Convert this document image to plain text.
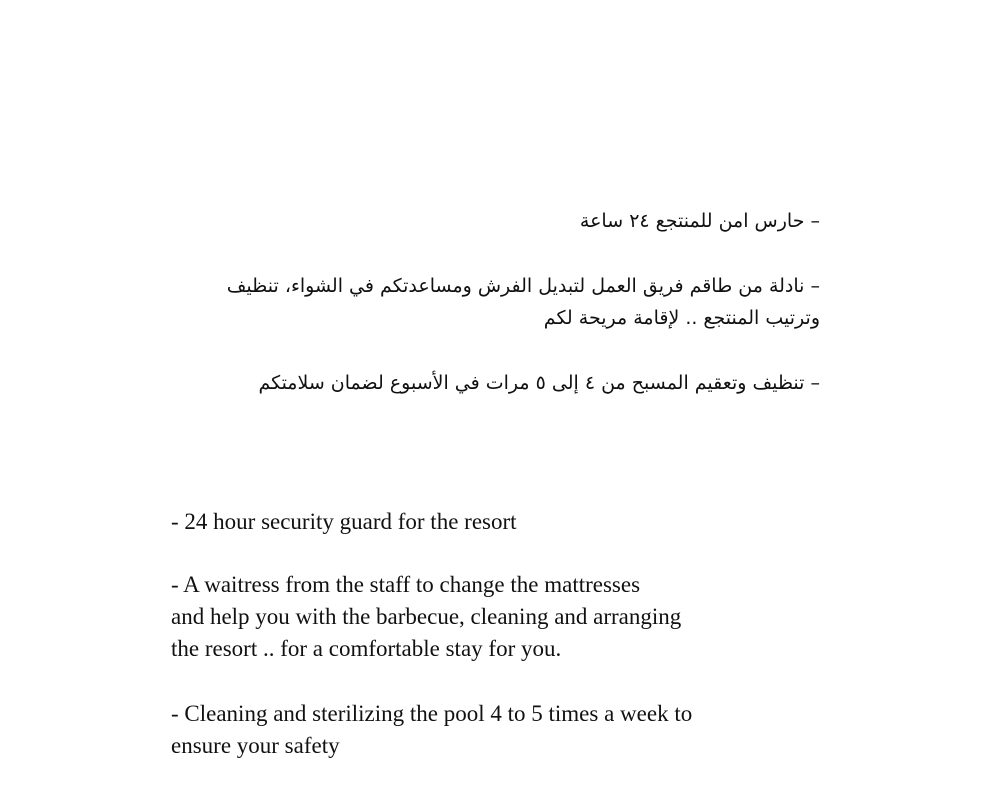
– حارس امن للمنتجع ٢٤ ساعة
– نادلة من طاقم فريق العمل لتبديل الفرش ومساعدتكم في الشواء، تنظيف وترتيب المنتجع .. لإقامة مريحة لكم
– تنظيف وتعقيم المسبح من ٤ إلى ٥ مرات في الأسبوع لضمان سلامتكم
- 24 hour security guard for the resort
- A waitress from the staff to change the mattresses
and help you with the barbecue, cleaning and arranging
the resort .. for a comfortable stay for you.
- Cleaning and sterilizing the pool 4 to 5 times a week to
ensure your safety
